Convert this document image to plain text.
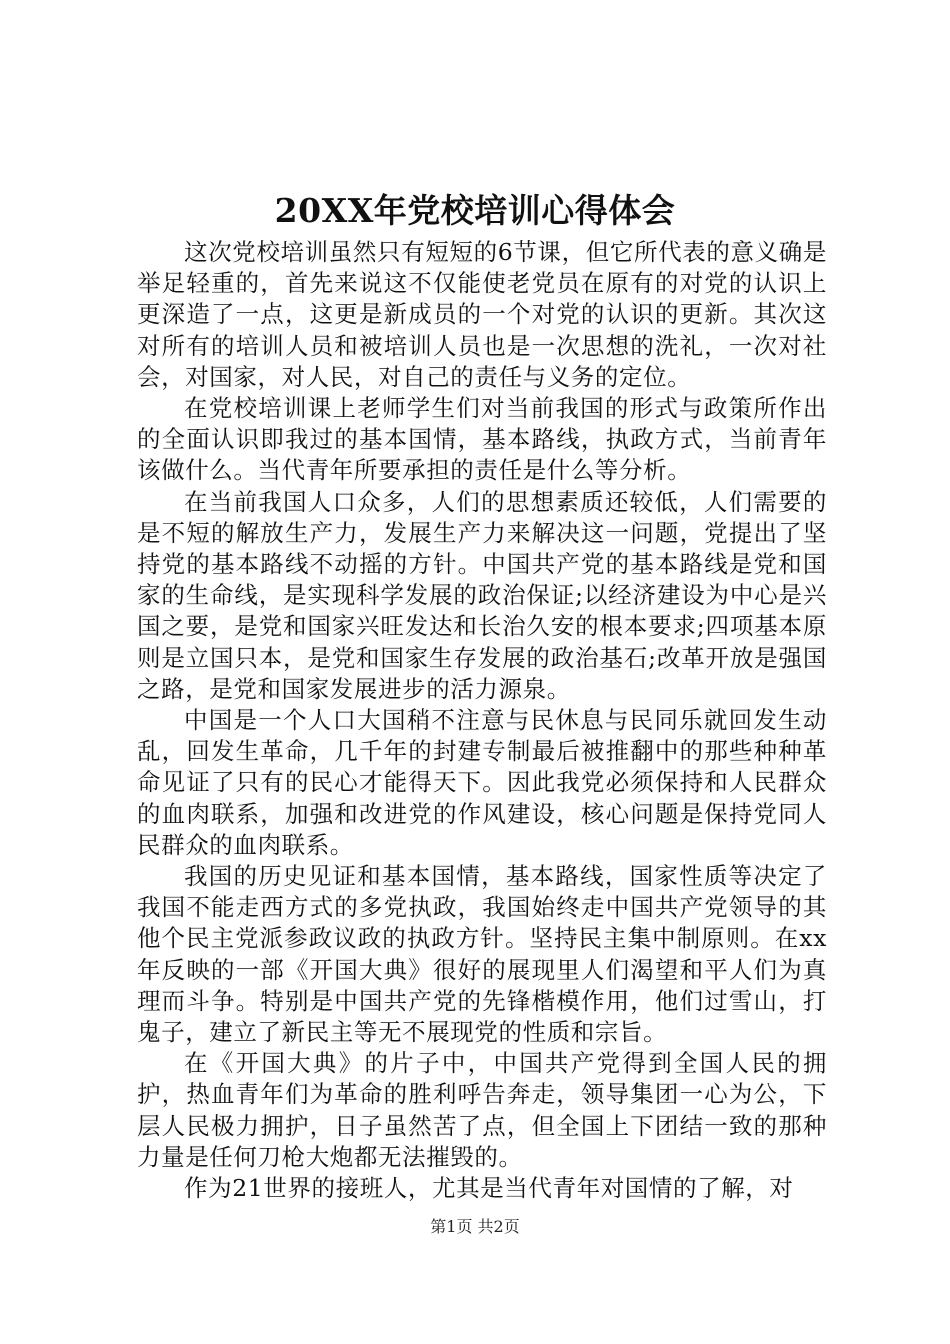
20XX年党校培训心得体会

这次党校培训虽然只有短短的6节课，但它所代表的意义确是举足轻重的，首先来说这不仅能使老党员在原有的对党的认识上更深造了一点，这更是新成员的一个对党的认识的更新。其次这对所有的培训人员和被培训人员也是一次思想的洗礼，一次对社会，对国家，对人民，对自己的责任与义务的定位。

在党校培训课上老师学生们对当前我国的形式与政策所作出的全面认识即我过的基本国情，基本路线，执政方式，当前青年该做什么。当代青年所要承担的责任是什么等分析。

在当前我国人口众多，人们的思想素质还较低，人们需要的是不短的解放生产力，发展生产力来解决这一问题，党提出了坚持党的基本路线不动摇的方针。中国共产党的基本路线是党和国家的生命线，是实现科学发展的政治保证;以经济建设为中心是兴国之要，是党和国家兴旺发达和长治久安的根本要求;四项基本原则是立国只本，是党和国家生存发展的政治基石;改革开放是强国之路，是党和国家发展进步的活力源泉。

中国是一个人口大国稍不注意与民休息与民同乐就回发生动乱，回发生革命，几千年的封建专制最后被推翻中的那些种种革命见证了只有的民心才能得天下。因此我党必须保持和人民群众的血肉联系，加强和改进党的作风建设，核心问题是保持党同人民群众的血肉联系。

我国的历史见证和基本国情，基本路线，国家性质等决定了我国不能走西方式的多党执政，我国始终走中国共产党领导的其他个民主党派参政议政的执政方针。坚持民主集中制原则。在xx年反映的一部《开国大典》很好的展现里人们渴望和平人们为真理而斗争。特别是中国共产党的先锋楷模作用，他们过雪山，打鬼子，建立了新民主等无不展现党的性质和宗旨。

在《开国大典》的片子中，中国共产党得到全国人民的拥护，热血青年们为革命的胜利呼告奔走，领导集团一心为公，下层人民极力拥护，日子虽然苦了点，但全国上下团结一致的那种力量是任何刀枪大炮都无法摧毁的。

作为21世界的接班人，尤其是当代青年对国情的了解，对

第1页 共2页
